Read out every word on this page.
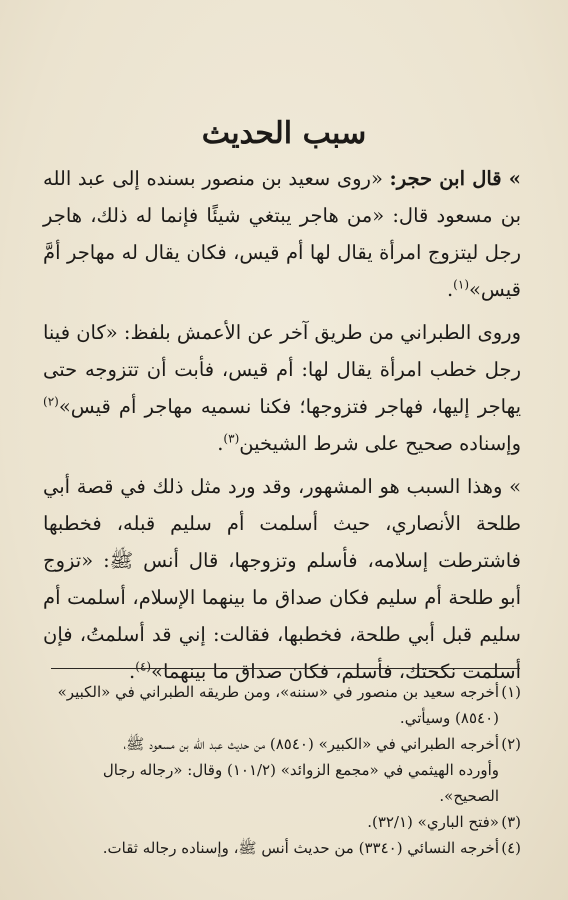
سبب الحديث

» قال ابن حجر: «روى سعيد بن منصور بسنده إلى عبد الله بن مسعود قال: «من هاجر يبتغي شيئًا فإنما له ذلك، هاجر رجل ليتزوج امرأة يقال لها أم قيس، فكان يقال له مهاجر أمَّ قيس»$^{(١)}$.

وروى الطبراني من طريق آخر عن الأعمش بلفظ: «كان فينا رجل خطب امرأة يقال لها: أم قيس، فأبت أن تتزوجه حتى يهاجر إليها، فهاجر فتزوجها؛ فكنا نسميه مهاجر أم قيس»$^{(٢)}$ وإسناده صحيح على شرط الشيخين$^{(٣)}$.

» وهذا السبب هو المشهور، وقد ورد مثل ذلك في قصة أبي طلحة الأنصاري، حيث أسلمت أم سليم قبله، فخطبها فاشترطت إسلامه، فأسلم وتزوجها، قال أنس ﷺ: «تزوج أبو طلحة أم سليم فكان صداق ما بينهما الإسلام، أسلمت أم سليم قبل أبي طلحة، فخطبها، فقالت: إني قد أسلمتُ، فإن أسلمت نكحتك، فأسلم، فكان صداق ما بينهما»$^{(٤)}$.

(١)أخرجه سعيد بن منصور في «سننه»، ومن طريقه الطبراني في «الكبير»
(٨٥٤٠) وسيأتي.

(٢)أخرجه الطبراني في «الكبير» (٨٥٤٠) من حديث عبد الله بن مسعود ﷺ،
وأورده الهيثمي في «مجمع الزوائد» (١٠١/٢) وقال: «رجاله رجال الصحيح».

(٣)«فتح الباري» (٣٢/١).

(٤)أخرجه النسائي (٣٣٤٠) من حديث أنس ﷺ، وإسناده رجاله ثقات.
